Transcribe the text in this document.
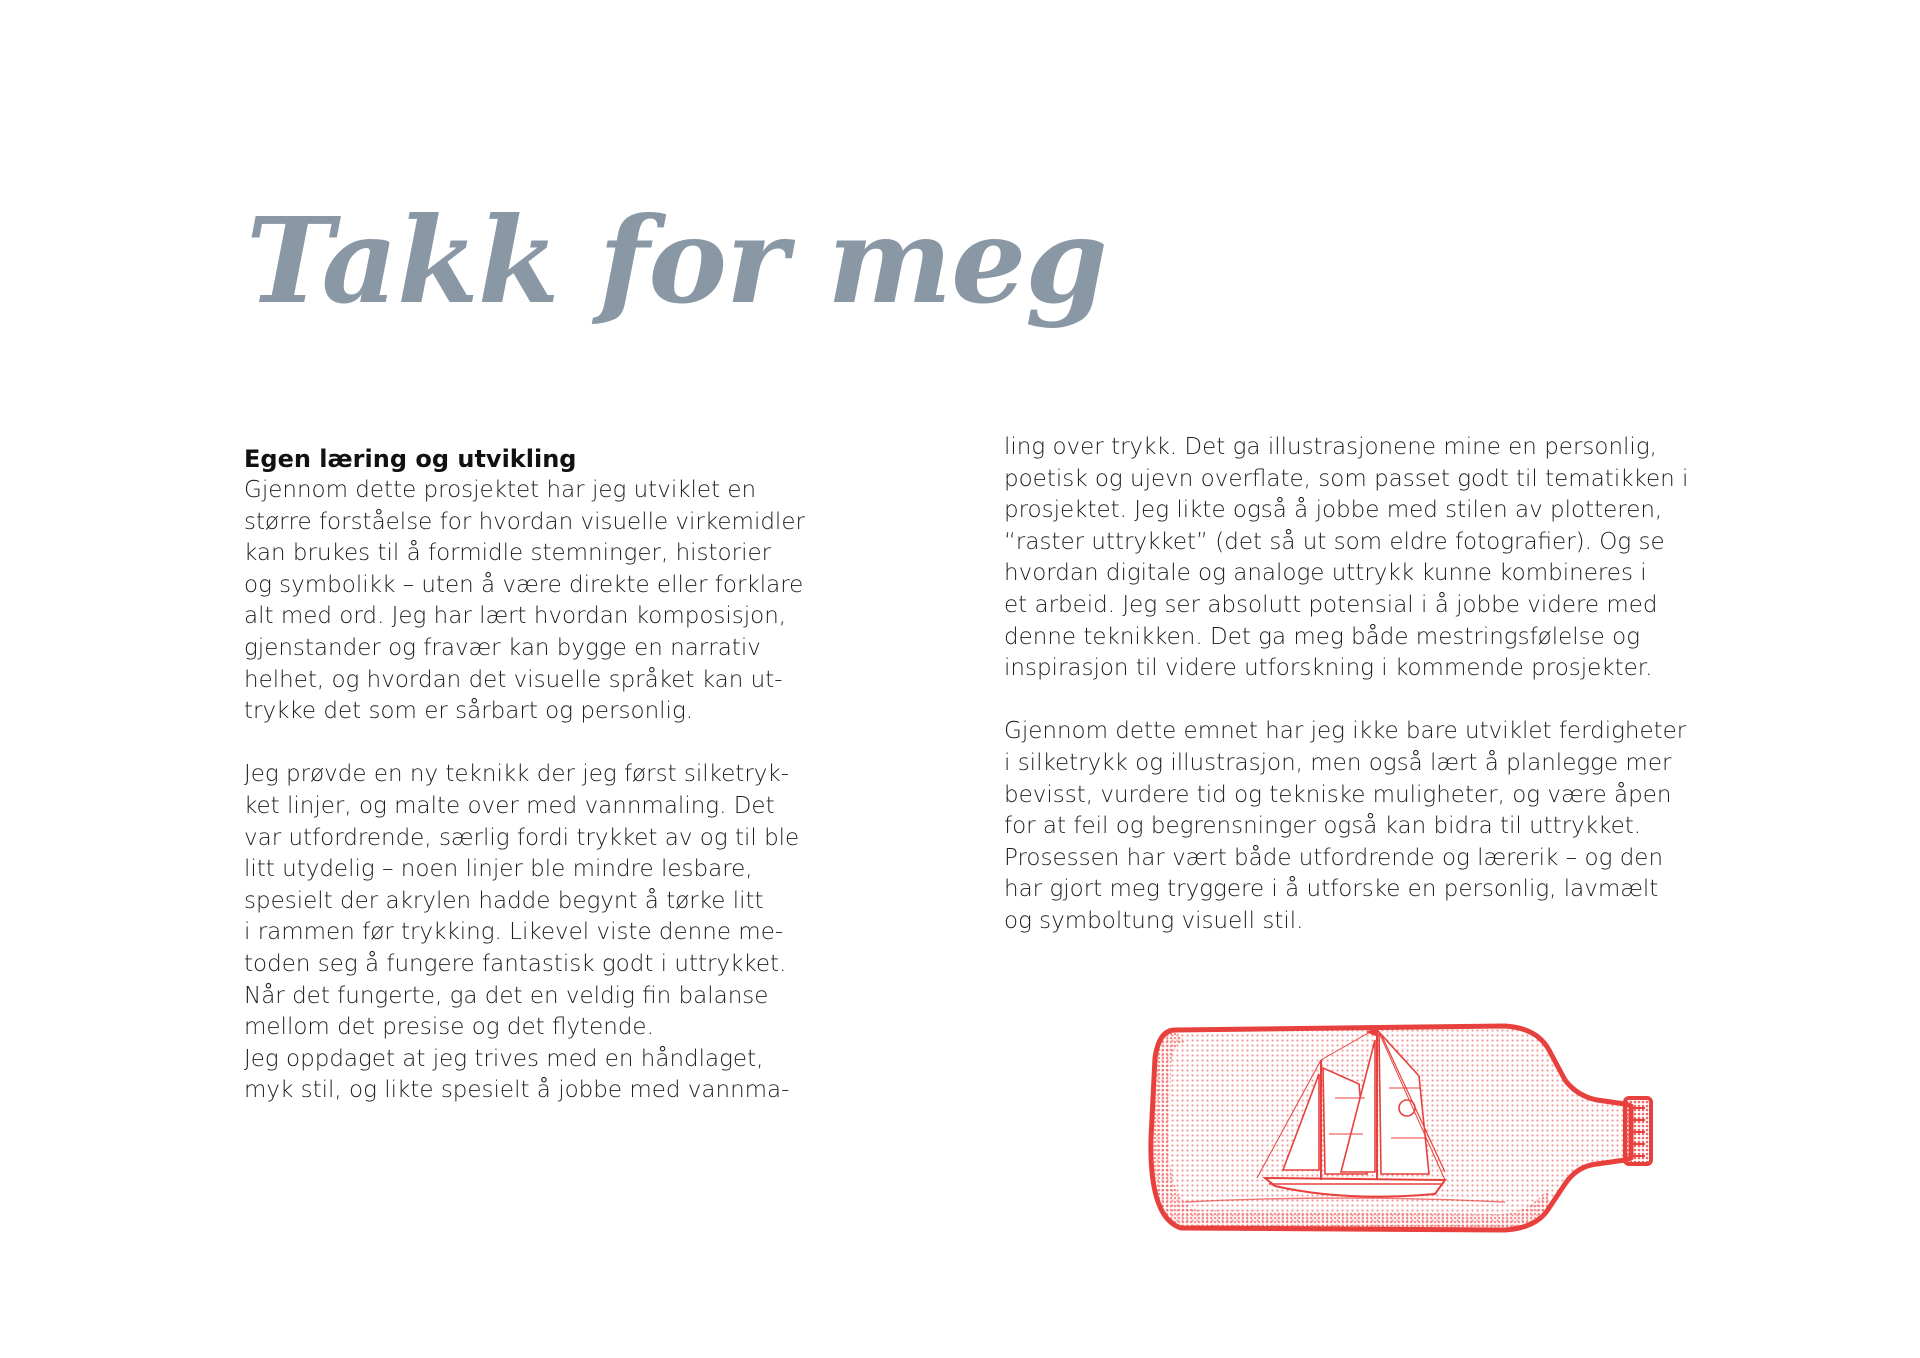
Takk for meg
Egen læring og utvikling

Gjennom dette prosjektet har jeg utviklet en
større forståelse for hvordan visuelle virkemidler
kan brukes til å formidle stemninger, historier
og symbolikk – uten å være direkte eller forklare
alt med ord. Jeg har lært hvordan komposisjon,
gjenstander og fravær kan bygge en narrativ
helhet, og hvordan det visuelle språket kan ut-
trykke det som er sårbart og personlig.

Jeg prøvde en ny teknikk der jeg først silketryk-
ket linjer, og malte over med vannmaling. Det
var utfordrende, særlig fordi trykket av og til ble
litt utydelig – noen linjer ble mindre lesbare,
spesielt der akrylen hadde begynt å tørke litt
i rammen før trykking. Likevel viste denne me-
toden seg å fungere fantastisk godt i uttrykket.
Når det fungerte, ga det en veldig fin balanse
mellom det presise og det flytende.
Jeg oppdaget at jeg trives med en håndlaget,
myk stil, og likte spesielt å jobbe med vannma-

ling over trykk. Det ga illustrasjonene mine en personlig,
poetisk og ujevn overflate, som passet godt til tematikken i
prosjektet. Jeg likte også å jobbe med stilen av plotteren,
“raster uttrykket” (det så ut som eldre fotografier). Og se
hvordan digitale og analoge uttrykk kunne kombineres i
et arbeid. Jeg ser absolutt potensial i å jobbe videre med
denne teknikken. Det ga meg både mestringsfølelse og
inspirasjon til videre utforskning i kommende prosjekter.

Gjennom dette emnet har jeg ikke bare utviklet ferdigheter
i silketrykk og illustrasjon, men også lært å planlegge mer
bevisst, vurdere tid og tekniske muligheter, og være åpen
for at feil og begrensninger også kan bidra til uttrykket.
Prosessen har vært både utfordrende og lærerik – og den
har gjort meg tryggere i å utforske en personlig, lavmælt
og symboltung visuell stil.
